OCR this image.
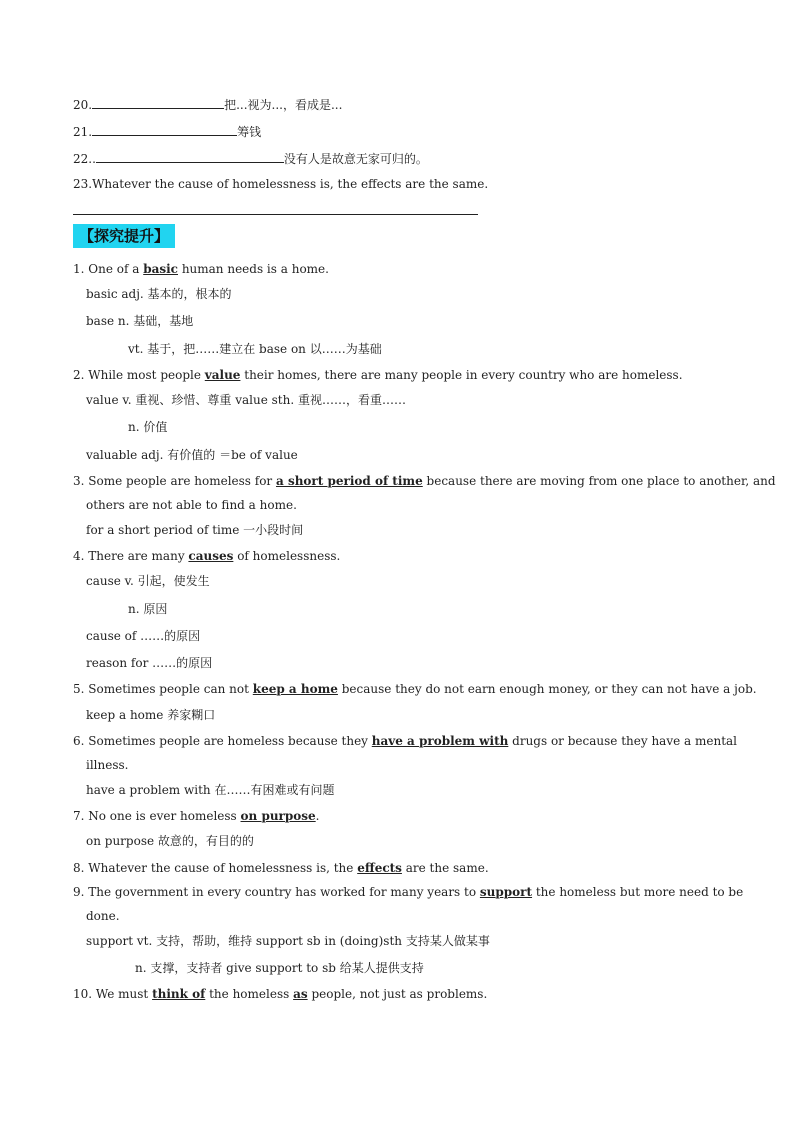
20.	把...视为...，看成是...
21.	筹钱
22..	没有人是故意无家可归的。
23.Whatever the cause of homelessness is, the effects are the same.
【探究提升】
1. One of a basic human needs is a home.
basic adj. 基本的，根本的
base n. 基础，基地
vt. 基于，把……建立在 base on 以……为基础
2. While most people value their homes, there are many people in every country who are homeless.
value v. 重视、珍惜、尊重 value sth. 重视……，看重……
n. 价值
valuable adj. 有价值的 ＝be of value
3. Some people are homeless for a short period of time because there are moving from one place to another, and
others are not able to find a home.
for a short period of time 一小段时间
4. There are many causes of homelessness.
cause v. 引起，使发生
n. 原因
cause of ……的原因
reason for ……的原因
5. Sometimes people can not keep a home because they do not earn enough money, or they can not have a job.
keep a home 养家糊口
6. Sometimes people are homeless because they have a problem with drugs or because they have a mental
illness.
have a problem with 在……有困难或有问题
7. No one is ever homeless on purpose.
on purpose 故意的，有目的的
8. Whatever the cause of homelessness is, the effects are the same.
9. The government in every country has worked for many years to support the homeless but more need to be
done.
support vt. 支持，帮助，维持 support sb in (doing)sth 支持某人做某事
n. 支撑，支持者 give support to sb 给某人提供支持
10. We must think of the homeless as people, not just as problems.
